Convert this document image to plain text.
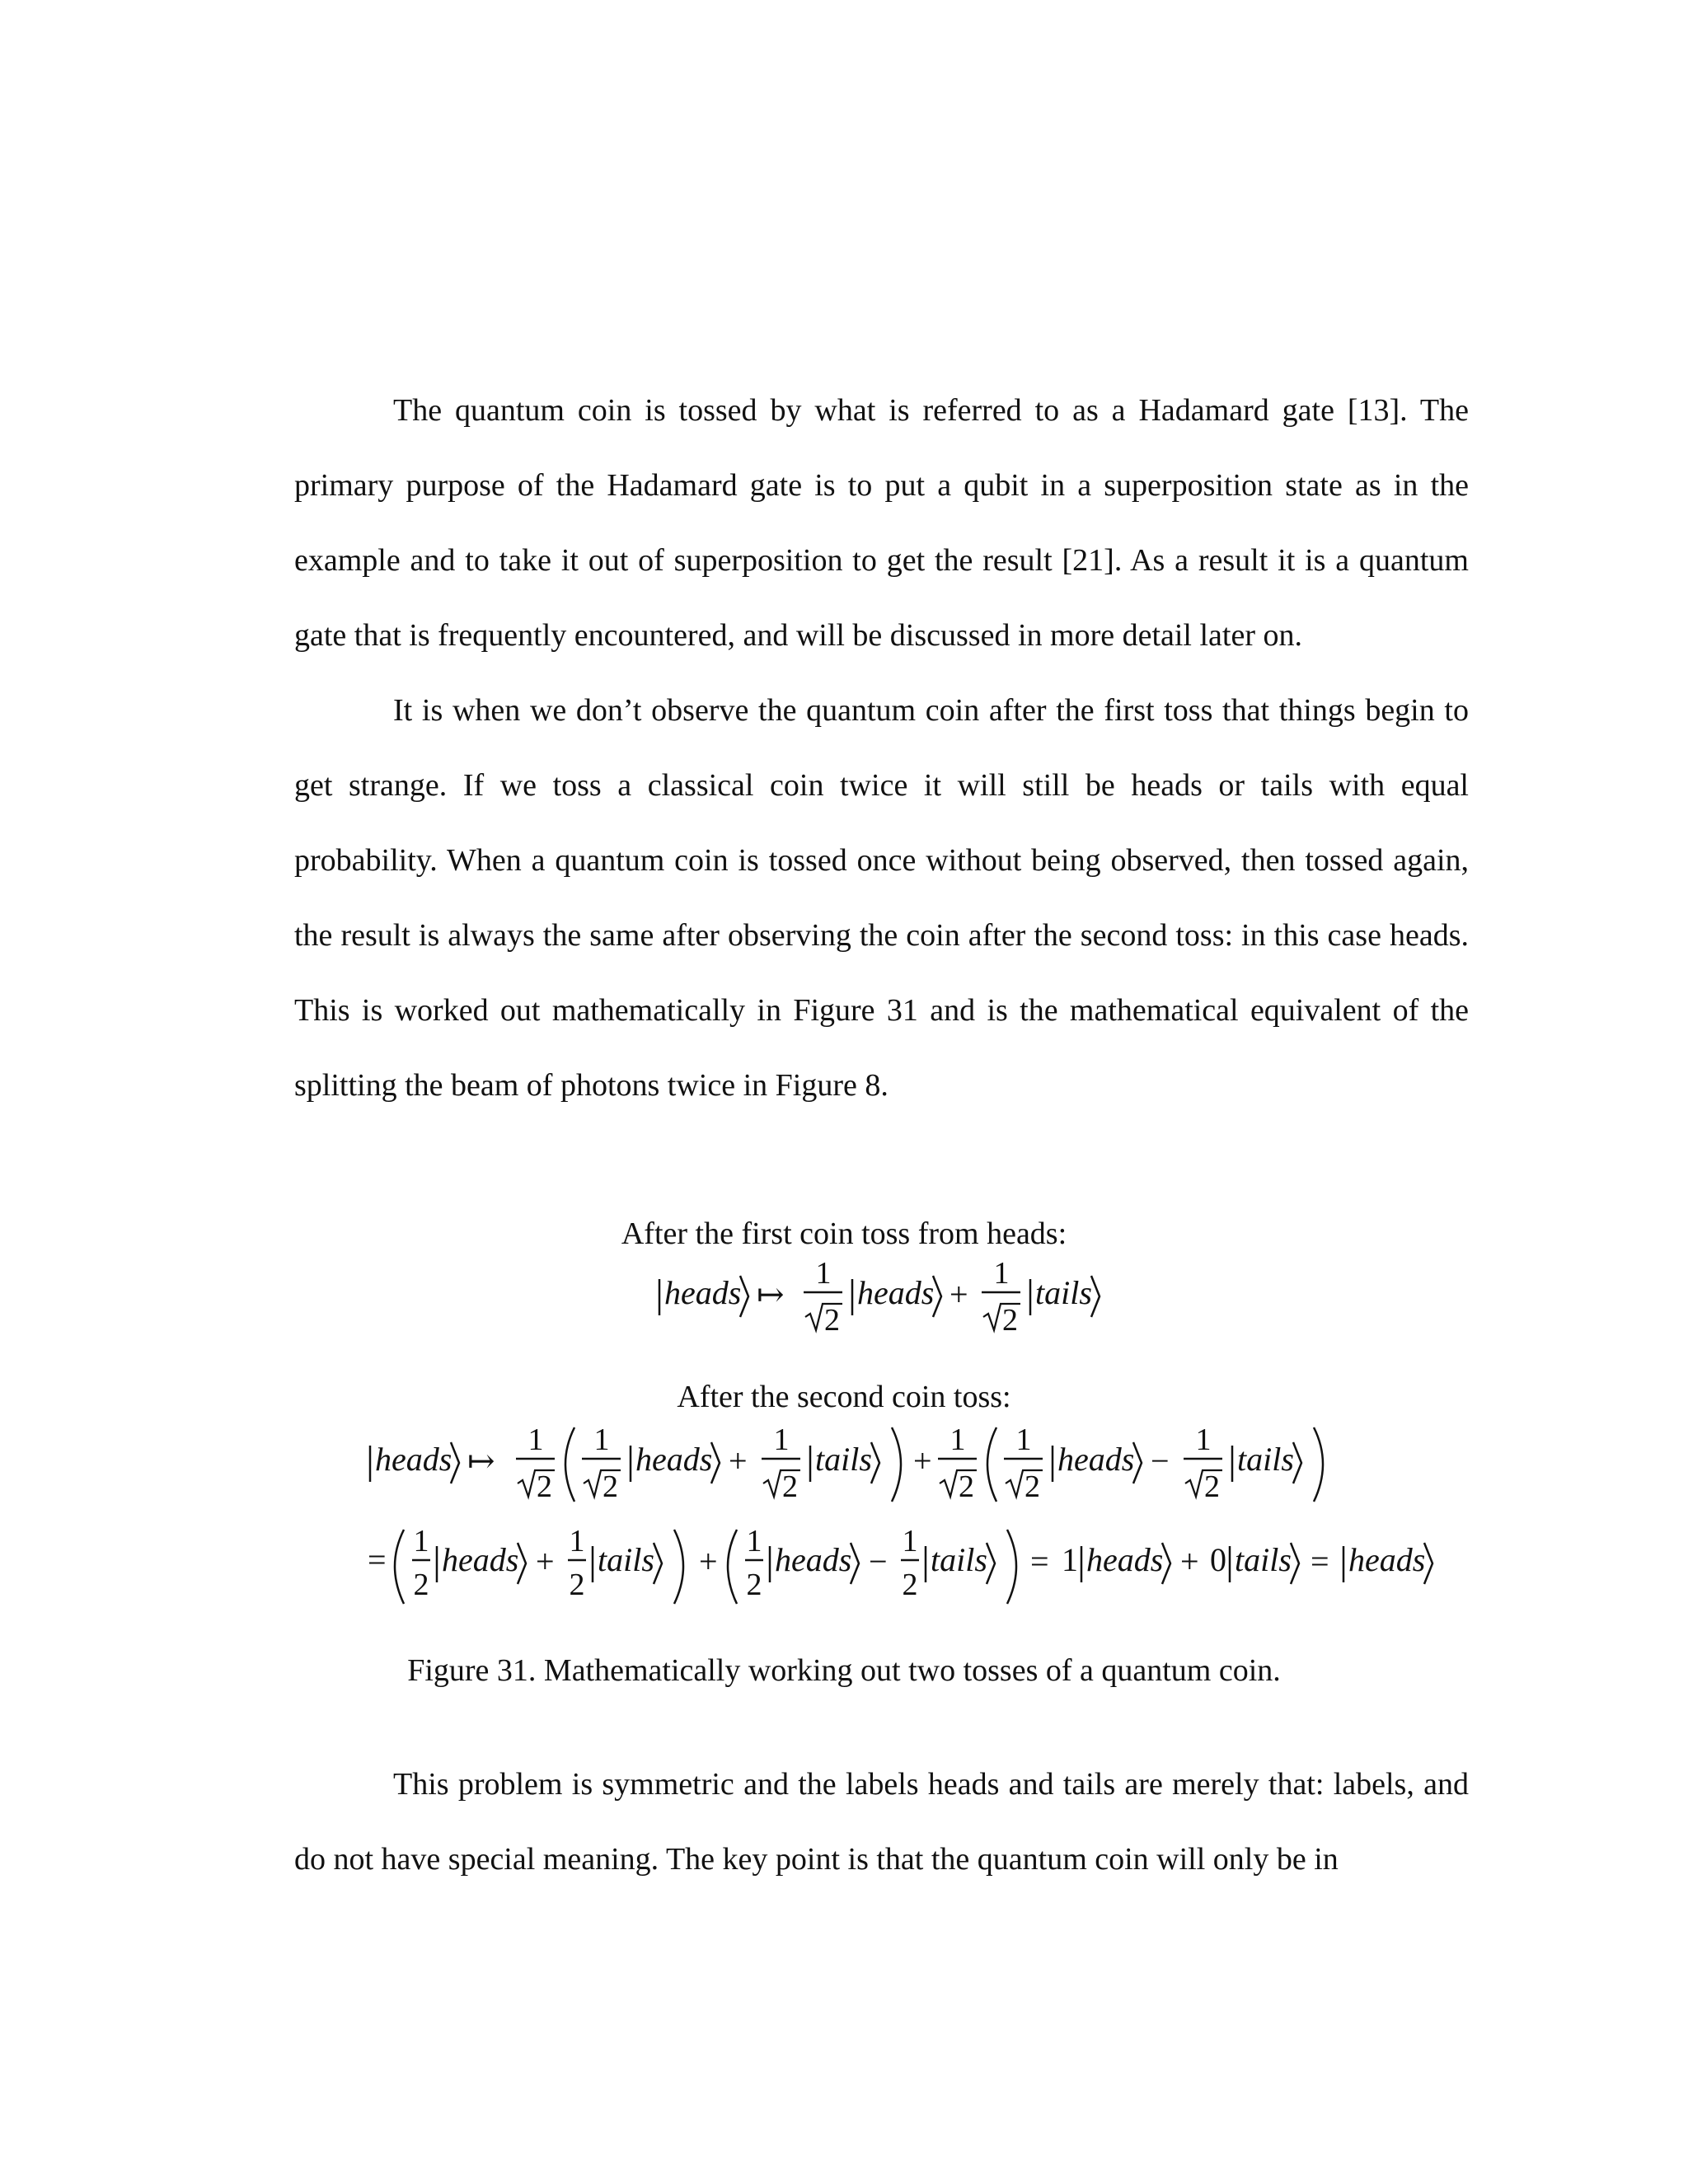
The quantum coin is tossed by what is referred to as a Hadamard gate [13]. The primary purpose of the Hadamard gate is to put a qubit in a superposition state as in the example and to take it out of superposition to get the result [21]. As a result it is a quantum gate that is frequently encountered, and will be discussed in more detail later on.

It is when we don’t observe the quantum coin after the first toss that things begin to get strange. If we toss a classical coin twice it will still be heads or tails with equal probability. When a quantum coin is tossed once without being observed, then tossed again, the result is always the same after observing the coin after the second toss: in this case heads. This is worked out mathematically in Figure 31 and is the mathematical equivalent of the splitting the beam of photons twice in Figure 8.

After the first coin toss from heads:

heads ↦
1
2
heads +
1
2
tails

After the second coin toss:

heads ↦
1
2
1
2
heads +
1
2
tails +
1
2
1
2
heads −
1
2
tails
= 1
2
heads +
1
2
tails +
1
2
heads −
1
2
tails = 1 heads + 0 tails = heads

Figure 31. Mathematically working out two tosses of a quantum coin.

This problem is symmetric and the labels heads and tails are merely that: labels, and do not have special meaning. The key point is that the quantum coin will only be in
